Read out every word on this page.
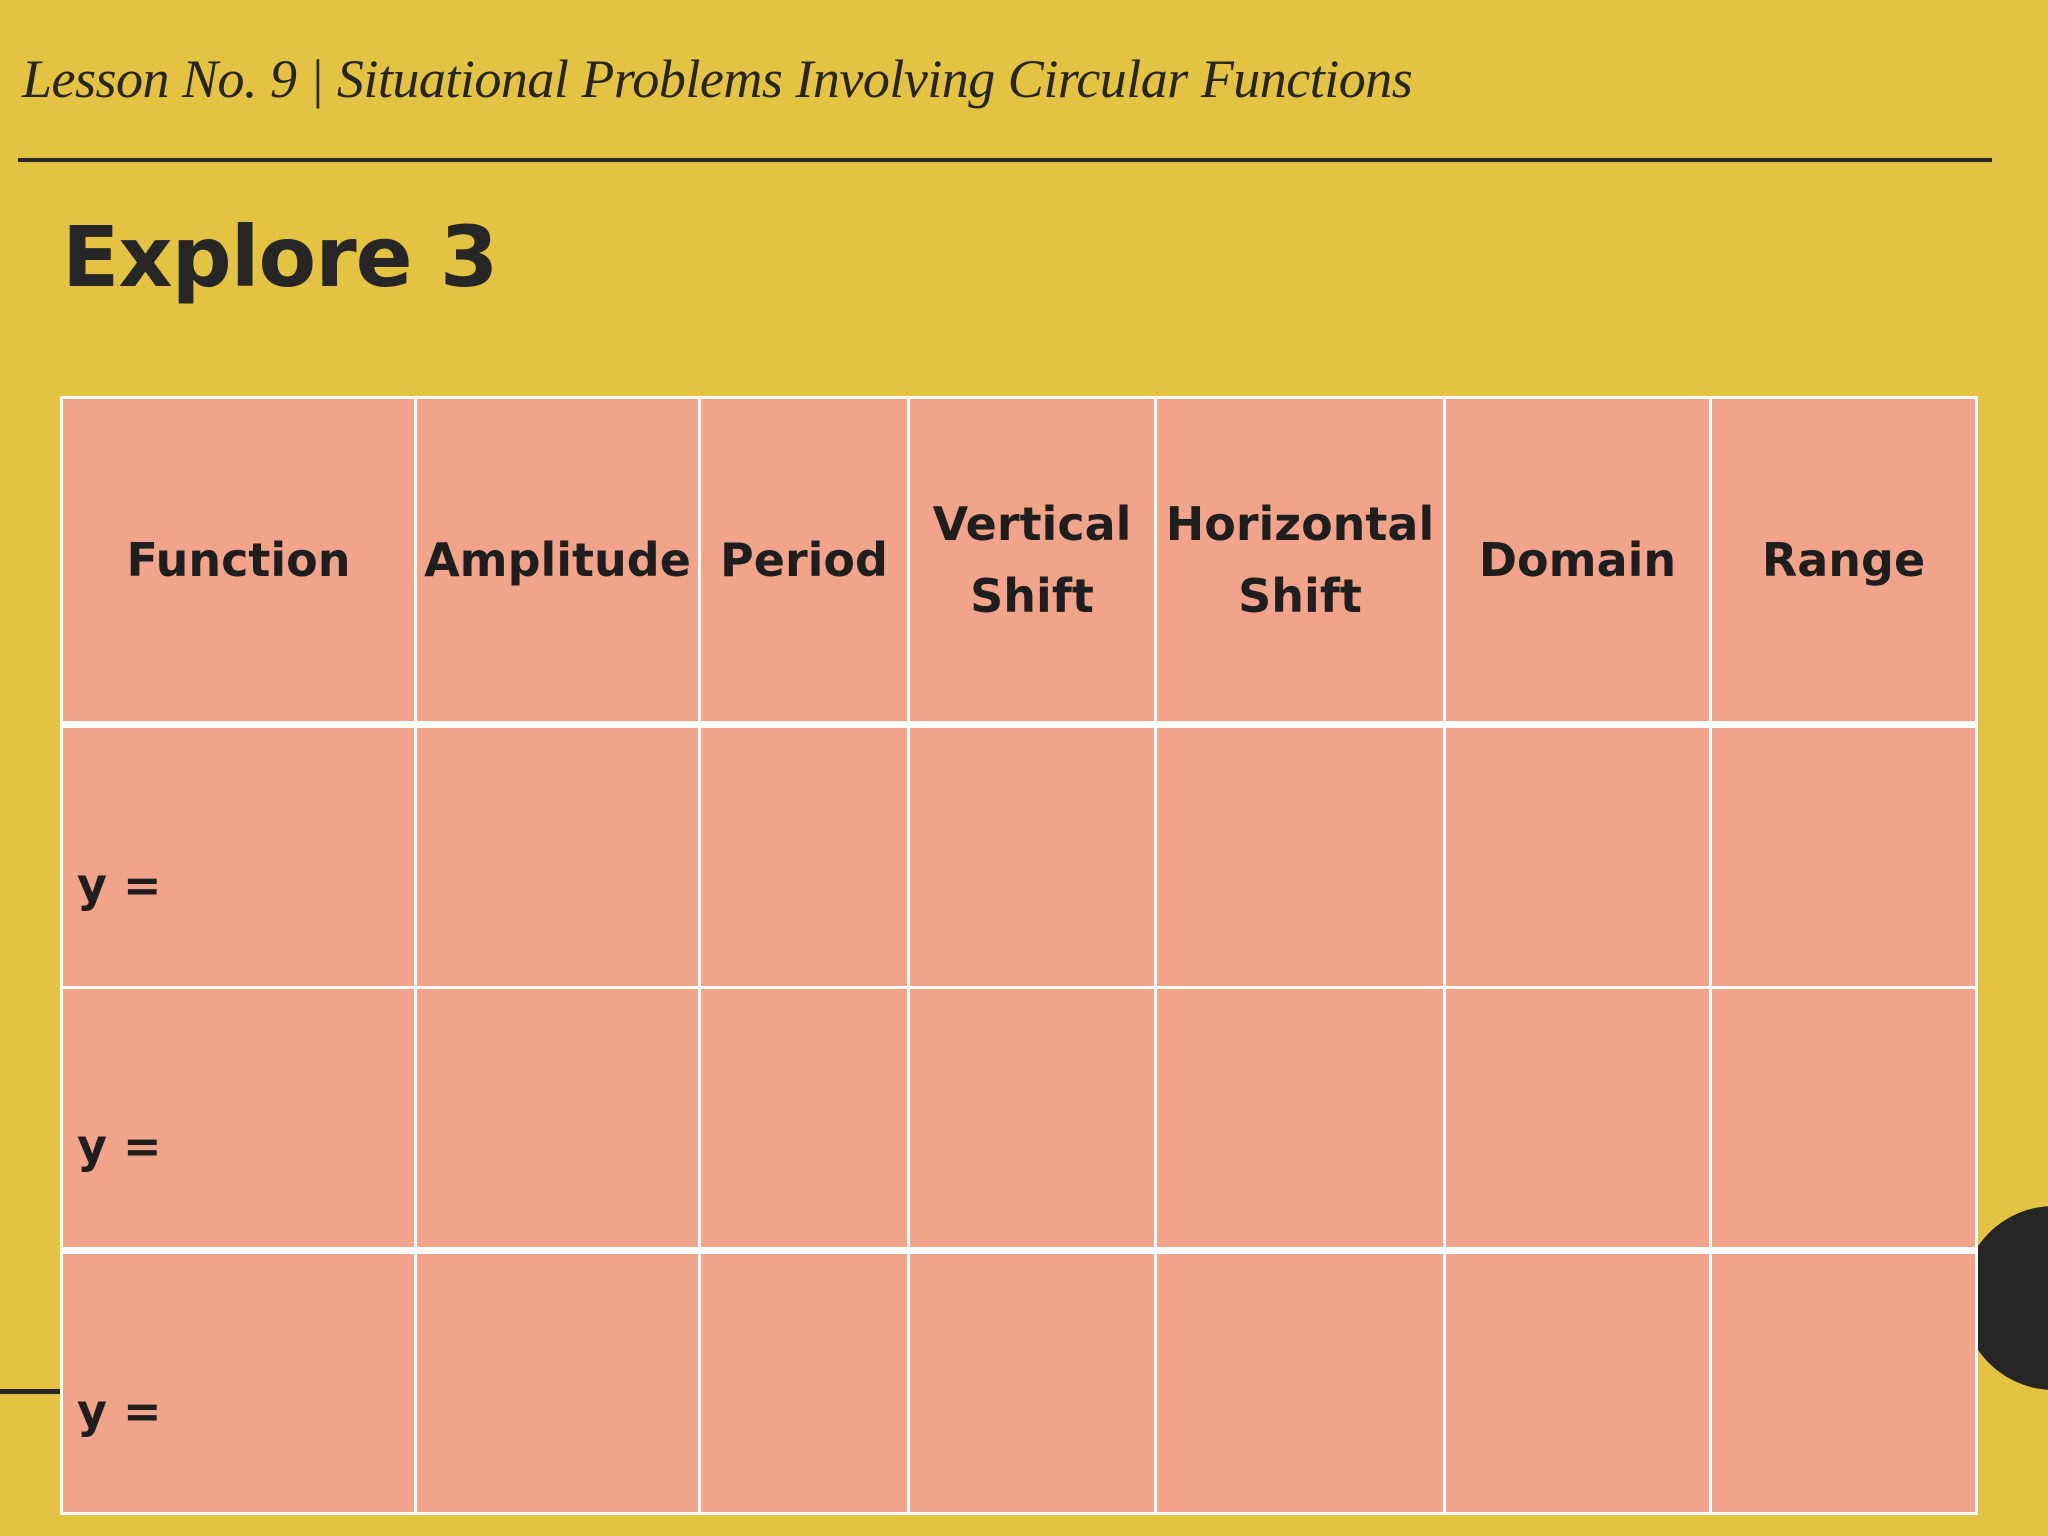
Lesson No. 9 | Situational Problems Involving Circular Functions
Explore 3
Function	Amplitude	Period	Vertical Shift	Horizontal Shift	Domain	Range
y =						
y =						
y =						
